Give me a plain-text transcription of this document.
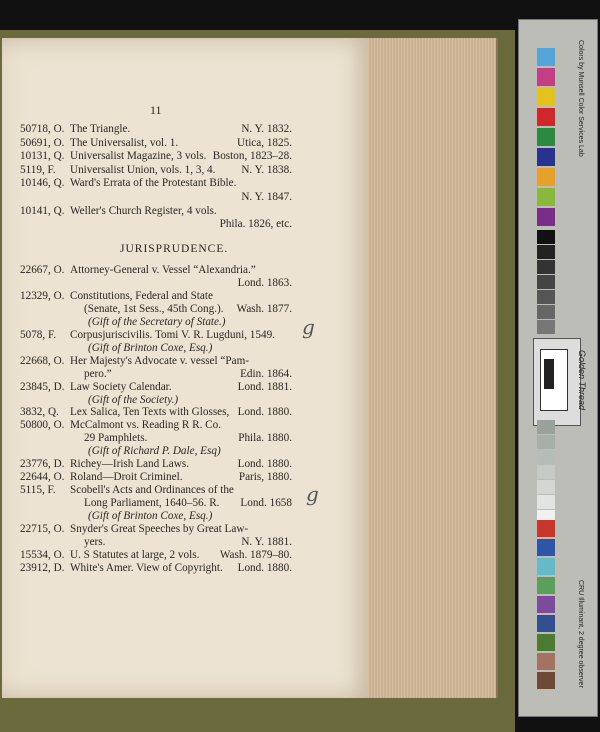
11
JURISPRUDENCE.
50718, O. The Triangle.	N. Y. 1832.
50691, O. The Universalist, vol. 1.	Utica, 1825.
10131, Q. Universalist Magazine, 3 vols. Boston, 1823–28.
5119, F. Universalist Union, vols. 1, 3, 4. N. Y. 1838.
10146, Q. Ward's Errata of the Protestant Bible.
N. Y. 1847.
10141, Q. Weller's Church Register, 4 vols.
Phila. 1826, etc.
22667, O. Attorney-General v. Vessel “Alexandria.”
Lond. 1863.
12329, O. Constitutions, Federal and State
(Senate, 1st Sess., 45th Cong.). Wash. 1877.
(Gift of the Secretary of State.)
5078, F. Corpusjuriscivilis. Tomi V. R. Lugduni, 1549.
(Gift of Brinton Coxe, Esq.)
22668, O. Her Majesty's Advocate v. vessel “Pam-
pero.”	Edin. 1864.
23845, D. Law Society Calendar.	Lond. 1881.
(Gift of the Society.)
3832, Q. Lex Salica, Ten Texts with Glosses, Lond. 1880.
50800, O. McCalmont vs. Reading R R. Co.
29 Pamphlets.	Phila. 1880.
(Gift of Richard P. Dale, Esq)
23776, D. Richey—Irish Land Laws.	Lond. 1880.
22644, O. Roland—Droit Criminel.	Paris, 1880.
5115, F. Scobell's Acts and Ordinances of the
Long Parliament, 1640–56. R. Lond. 1658
(Gift of Brinton Coxe, Esq.)
22715, O. Snyder's Great Speeches by Great Law-
yers.	N. Y. 1881.
15534, O. U. S Statutes at large, 2 vols. Wash. 1879–80.
23912, D. White's Amer. View of Copyright. Lond. 1880.
g
g
Colors by Munsell Color Services Lab
Golden Thread
CRU Illuminant, 2 degree observer
